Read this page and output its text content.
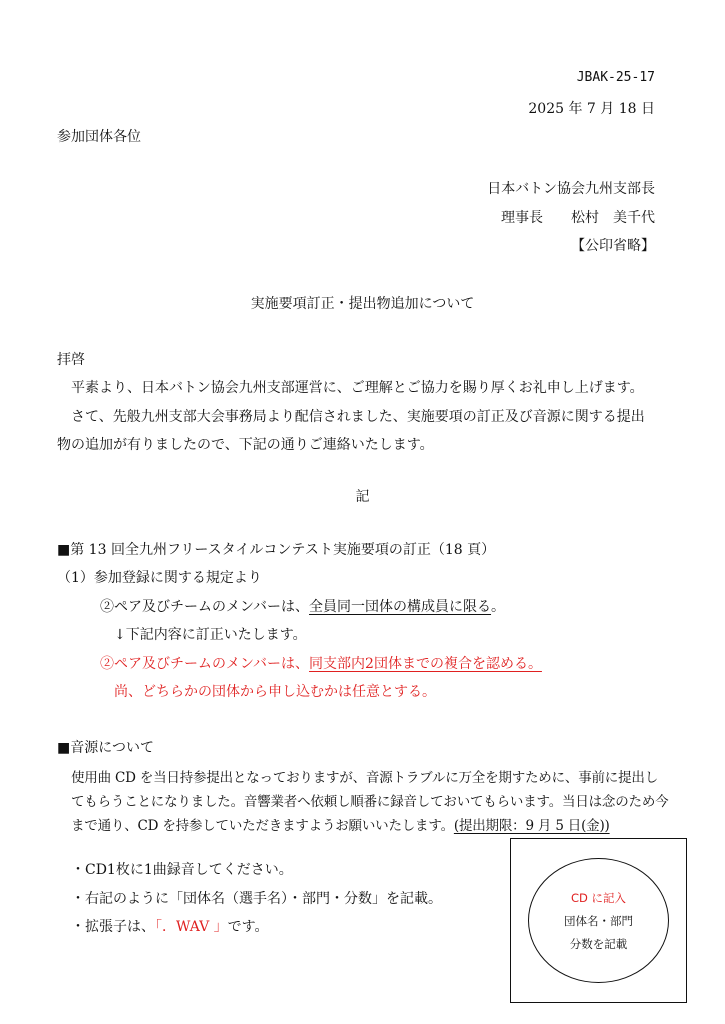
JBAK-25-17
2025 年 7 月 18 日
参加団体各位
日本バトン協会九州支部長
理事長　　松村　美千代
【公印省略】
実施要項訂正・提出物追加について
拝啓
平素より、日本バトン協会九州支部運営に、ご理解とご協力を賜り厚くお礼申し上げます。
さて、先般九州支部大会事務局より配信されました、実施要項の訂正及び音源に関する提出
物の追加が有りましたので、下記の通りご連絡いたします。
記
■第 13 回全九州フリースタイルコンテスト実施要項の訂正（18 頁）
（1）参加登録に関する規定より
②ペア及びチームのメンバーは、全員同一団体の構成員に限る。
↓下記内容に訂正いたします。
②ペア及びチームのメンバーは、同支部内2団体までの複合を認める。
尚、どちらかの団体から申し込むかは任意とする。
■音源について
使用曲 CD を当日持参提出となっておりますが、音源トラブルに万全を期すために、事前に提出し
てもらうことになりました。音響業者へ依頼し順番に録音しておいてもらいます。当日は念のため今
まで通り、CD を持参していただきますようお願いいたします。(提出期限：9 月 5 日(金))
・CD1枚に1曲録音してください。
・右記のように「団体名（選手名）・部門・分数」を記載。
・拡張子は、「．WAV 」です。
CD に記入
団体名・部門
分数を記載
